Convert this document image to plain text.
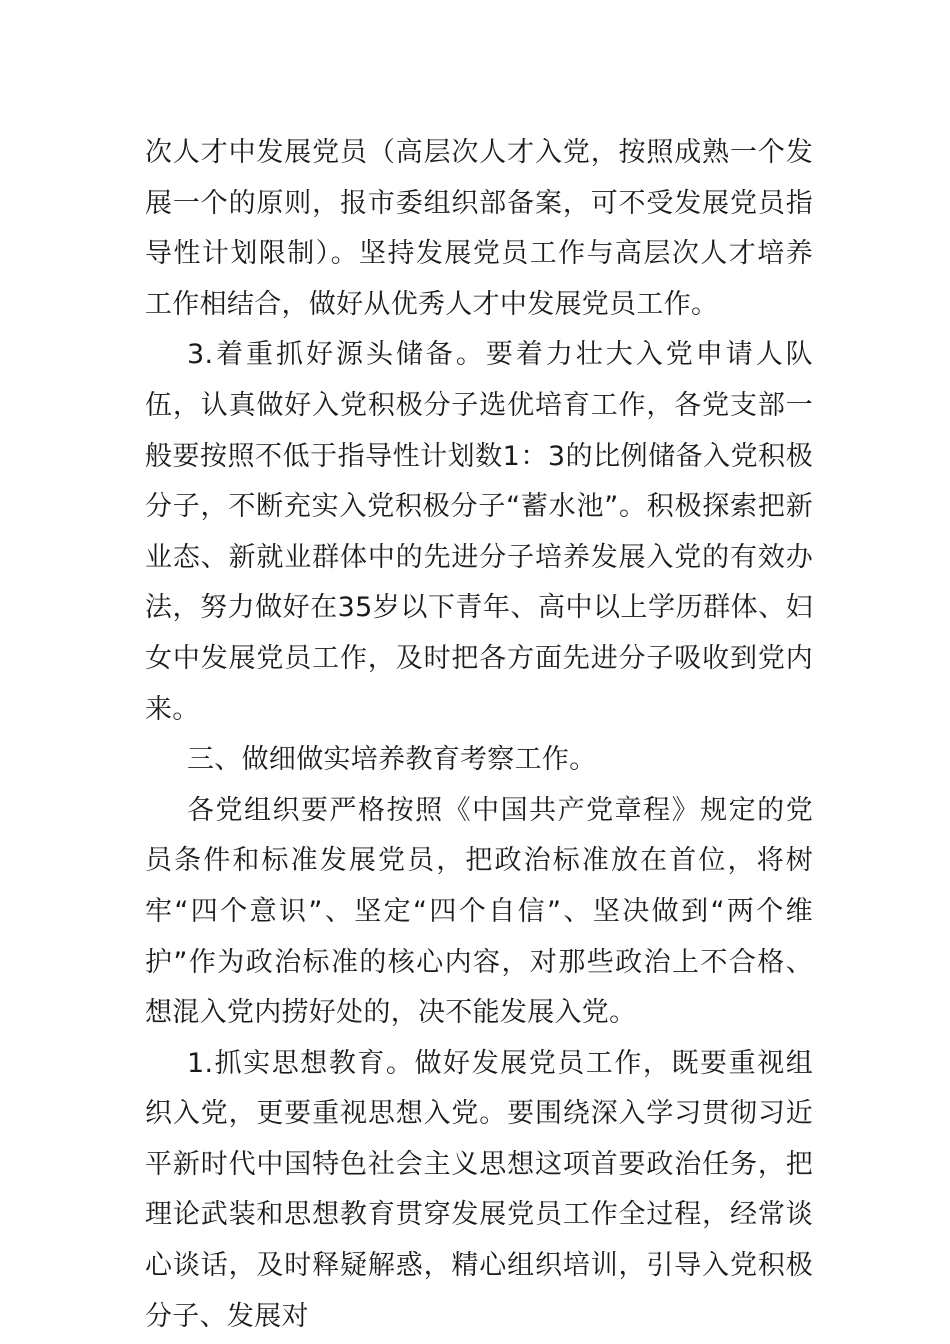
次人才中发展党员（高层次人才入党，按照成熟一个发展一个的原则，报市委组织部备案，可不受发展党员指导性计划限制）。坚持发展党员工作与高层次人才培养工作相结合，做好从优秀人才中发展党员工作。

3.着重抓好源头储备。要着力壮大入党申请人队伍，认真做好入党积极分子选优培育工作，各党支部一般要按照不低于指导性计划数1：3的比例储备入党积极分子，不断充实入党积极分子“蓄水池”。积极探索把新业态、新就业群体中的先进分子培养发展入党的有效办法，努力做好在35岁以下青年、高中以上学历群体、妇女中发展党员工作，及时把各方面先进分子吸收到党内来。

三、做细做实培养教育考察工作。

各党组织要严格按照《中国共产党章程》规定的党员条件和标准发展党员，把政治标准放在首位，将树牢“四个意识”、坚定“四个自信”、坚决做到“两个维护”作为政治标准的核心内容，对那些政治上不合格、想混入党内捞好处的，决不能发展入党。

1.抓实思想教育。做好发展党员工作，既要重视组织入党，更要重视思想入党。要围绕深入学习贯彻习近平新时代中国特色社会主义思想这项首要政治任务，把理论武装和思想教育贯穿发展党员工作全过程，经常谈心谈话，及时释疑解惑，精心组织培训，引导入党积极分子、发展对
